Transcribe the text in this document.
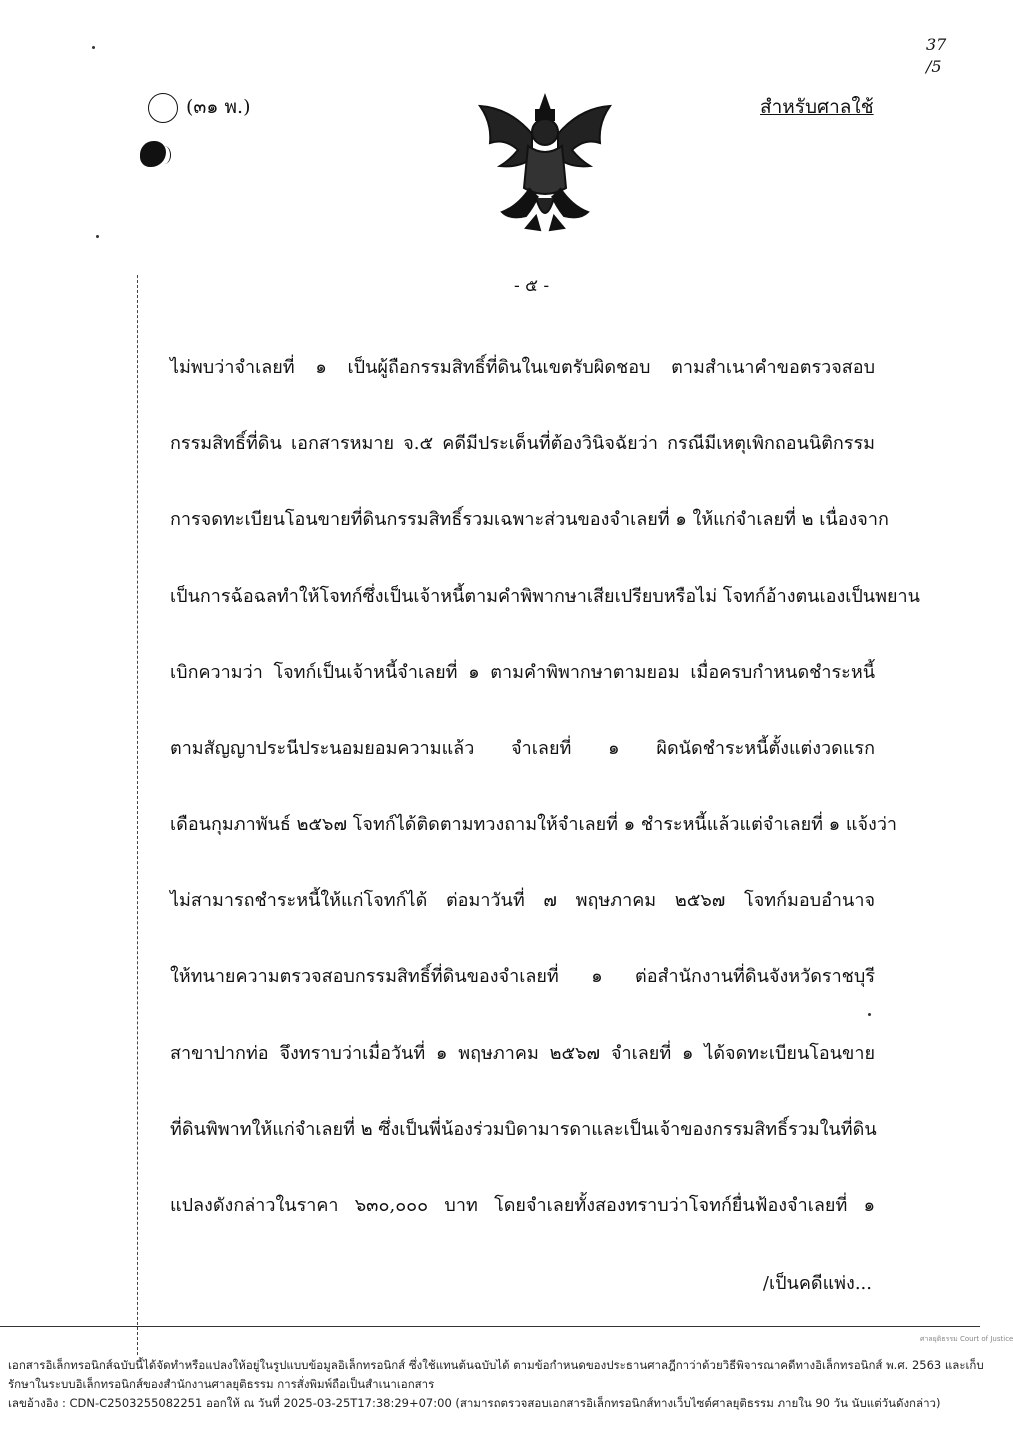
(๓๑ พ.)	สำหรับศาลใช้
37
/5
- ๕ -
ไม่พบว่าจำเลยที่ ๑ เป็นผู้ถือกรรมสิทธิ์ที่ดินในเขตรับผิดชอบ ตามสำเนาคำขอตรวจสอบ
กรรมสิทธิ์ที่ดิน เอกสารหมาย จ.๕ คดีมีประเด็นที่ต้องวินิจฉัยว่า กรณีมีเหตุเพิกถอนนิติกรรม
การจดทะเบียนโอนขายที่ดินกรรมสิทธิ์รวมเฉพาะส่วนของจำเลยที่ ๑ ให้แก่จำเลยที่ ๒ เนื่องจาก
เป็นการฉ้อฉลทำให้โจทก์ซึ่งเป็นเจ้าหนี้ตามคำพิพากษาเสียเปรียบหรือไม่ โจทก์อ้างตนเองเป็นพยาน
เบิกความว่า โจทก์เป็นเจ้าหนี้จำเลยที่ ๑ ตามคำพิพากษาตามยอม เมื่อครบกำหนดชำระหนี้
ตามสัญญาประนีประนอมยอมความแล้ว จำเลยที่ ๑ ผิดนัดชำระหนี้ตั้งแต่งวดแรก
เดือนกุมภาพันธ์ ๒๕๖๗ โจทก์ได้ติดตามทวงถามให้จำเลยที่ ๑ ชำระหนี้แล้วแต่จำเลยที่ ๑ แจ้งว่า
ไม่สามารถชำระหนี้ให้แก่โจทก์ได้ ต่อมาวันที่ ๗ พฤษภาคม ๒๕๖๗ โจทก์มอบอำนาจ
ให้ทนายความตรวจสอบกรรมสิทธิ์ที่ดินของจำเลยที่ ๑ ต่อสำนักงานที่ดินจังหวัดราชบุรี
สาขาปากท่อ จึงทราบว่าเมื่อวันที่ ๑ พฤษภาคม ๒๕๖๗ จำเลยที่ ๑ ได้จดทะเบียนโอนขาย
ที่ดินพิพาทให้แก่จำเลยที่ ๒ ซึ่งเป็นพี่น้องร่วมบิดามารดาและเป็นเจ้าของกรรมสิทธิ์รวมในที่ดิน
แปลงดังกล่าวในราคา ๖๓๐,๐๐๐ บาท โดยจำเลยทั้งสองทราบว่าโจทก์ยื่นฟ้องจำเลยที่ ๑
/เป็นคดีแพ่ง...
ศาลยุติธรรม Court of Justice
เอกสารอิเล็กทรอนิกส์ฉบับนี้ได้จัดทำหรือแปลงให้อยู่ในรูปแบบข้อมูลอิเล็กทรอนิกส์ ซึ่งใช้แทนต้นฉบับได้ ตามข้อกำหนดของประธานศาลฎีกาว่าด้วยวิธีพิจารณาคดีทางอิเล็กทรอนิกส์ พ.ศ. 2563 และเก็บ
รักษาในระบบอิเล็กทรอนิกส์ของสำนักงานศาลยุติธรรม การสั่งพิมพ์ถือเป็นสำเนาเอกสาร
เลขอ้างอิง : CDN-C2503255082251 ออกให้ ณ วันที่ 2025-03-25T17:38:29+07:00 (สามารถตรวจสอบเอกสารอิเล็กทรอนิกส์ทางเว็บไซต์ศาลยุติธรรม ภายใน 90 วัน นับแต่วันดังกล่าว)
